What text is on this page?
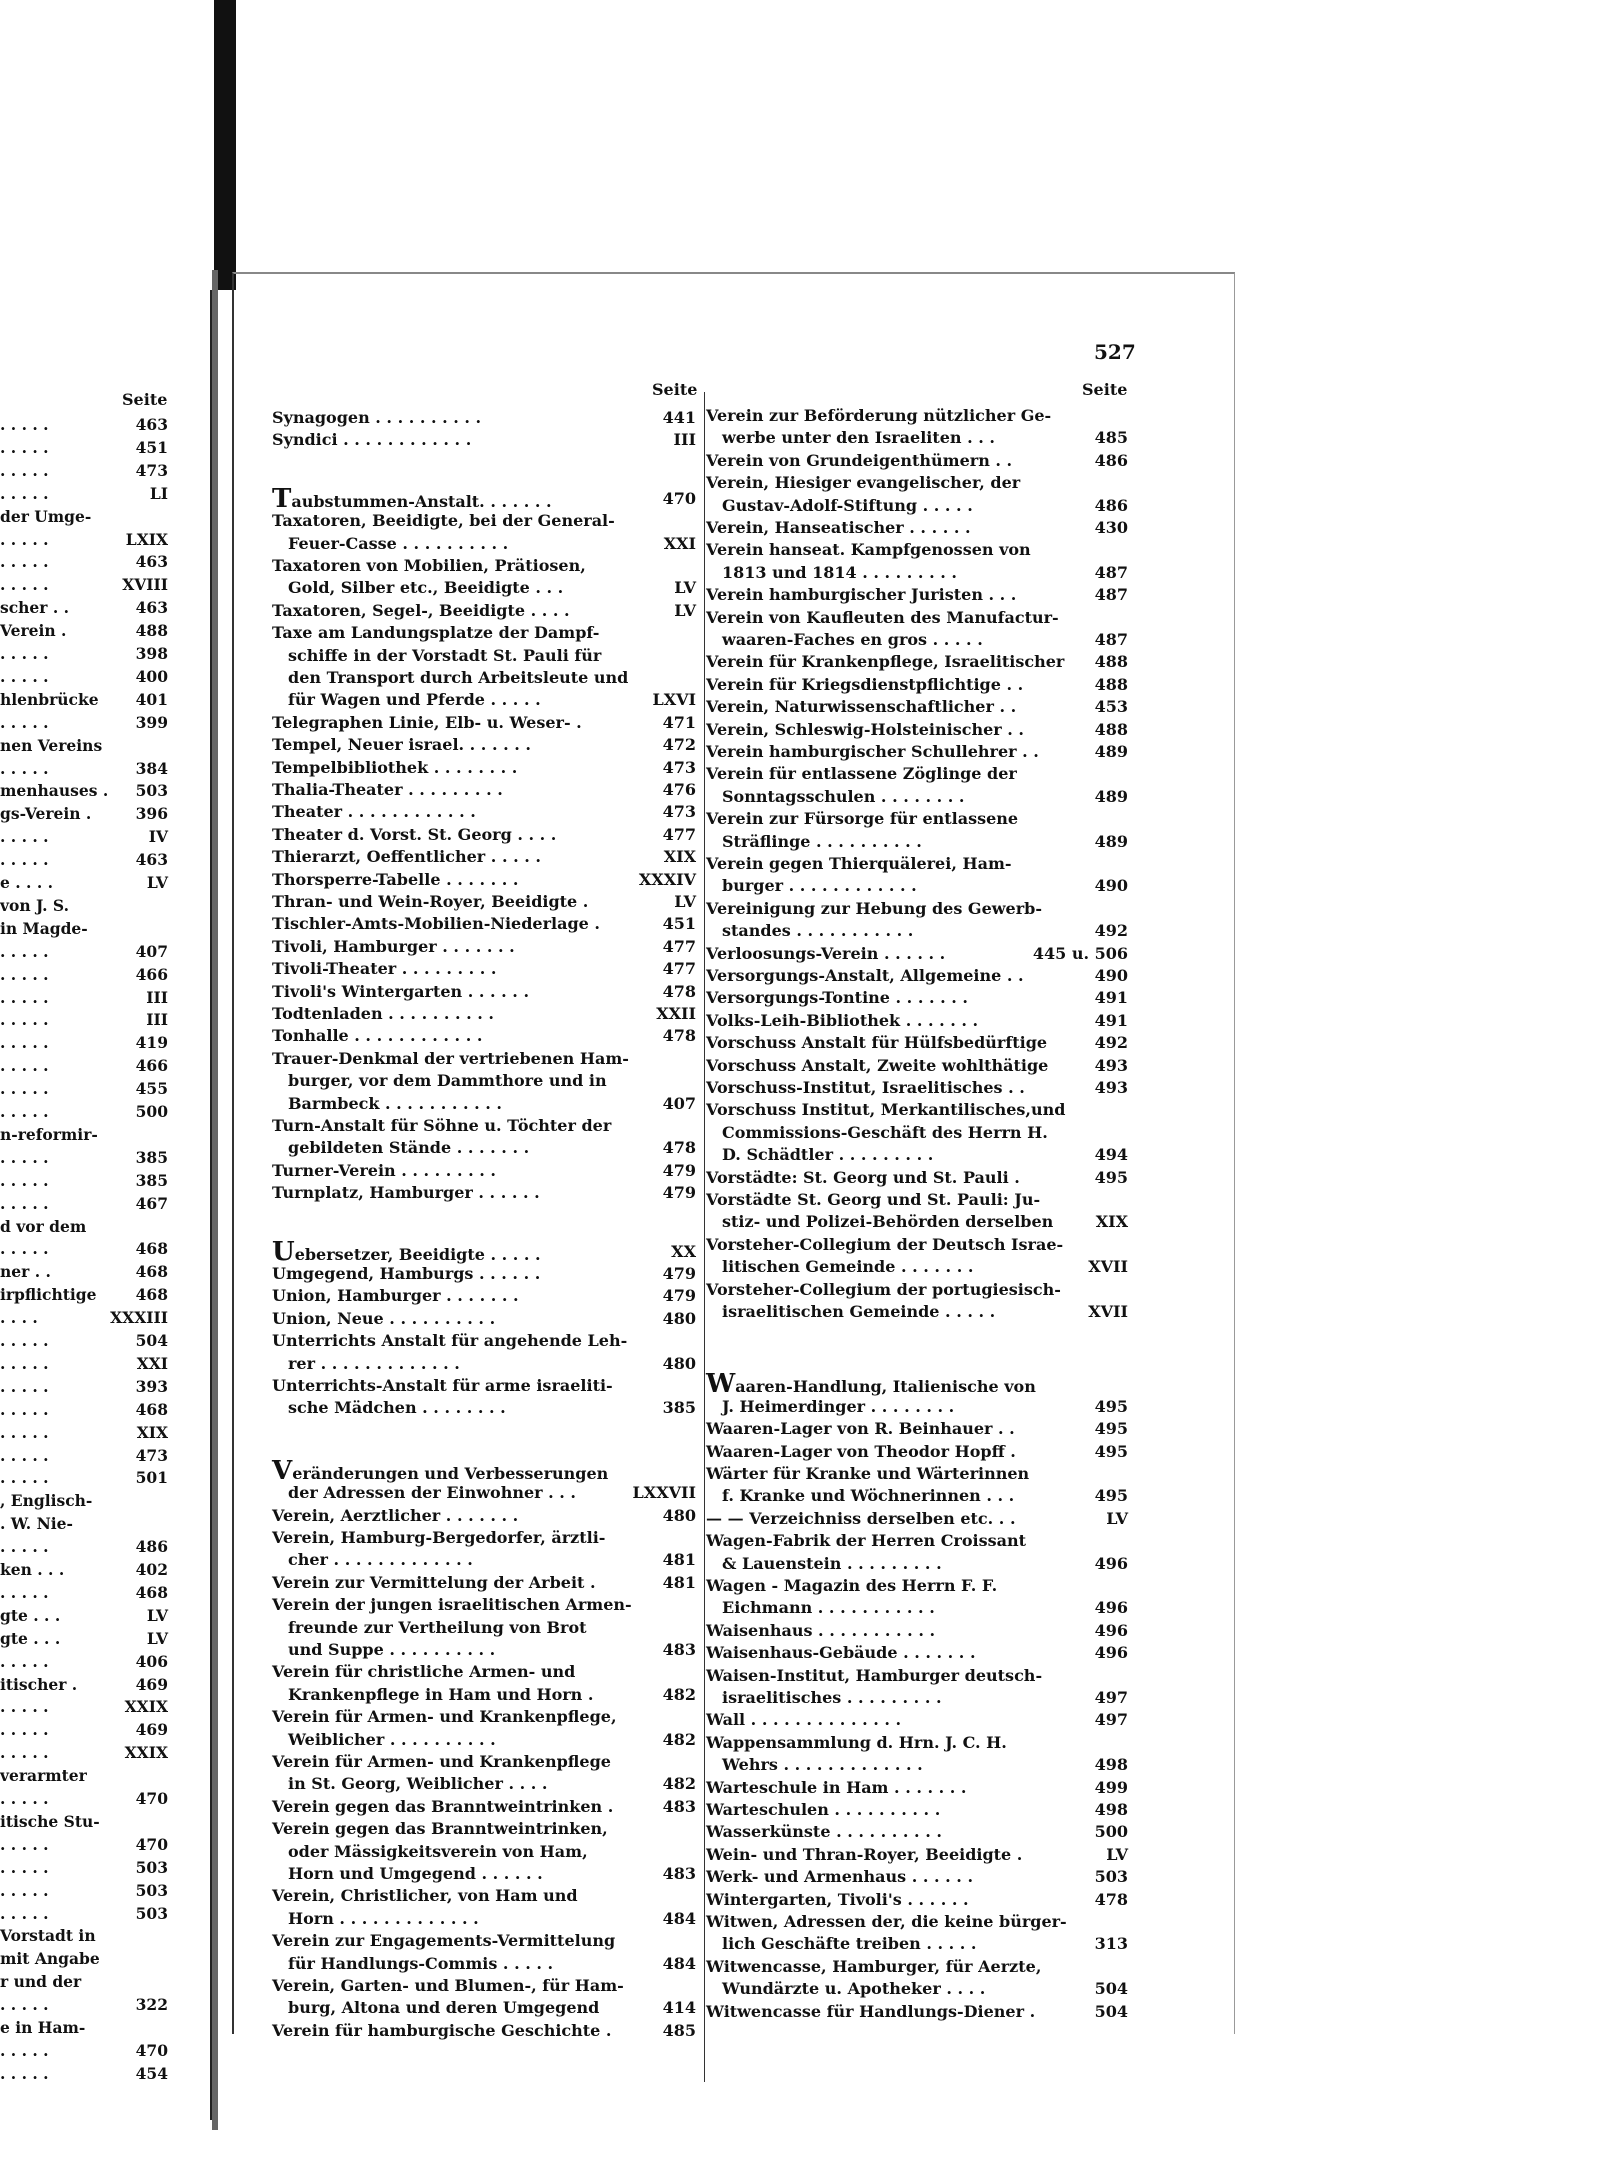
. . . . .	463
. . . . .	451
. . . . .	473
. . . . .	LI
der Umge-
. . . . .	LXIX
. . . . .	463
. . . . .	XVIII
scher . .	463
Verein .	488
. . . . .	398
. . . . .	400
hlenbrücke 401
. . . . .	399
nen Vereins
. . . . .	384
menhauses . 503
gs-Verein .	396
. . . . .	IV
. . . . .	463
e . . . .	LV
von J. S.
in Magde-
. . . . .	407
. . . . .	466
. . . . .	III
. . . . .	III
. . . . .	419
. . . . .	466
. . . . .	455
. . . . .	500
n-reformir-
. . . . .	385
. . . . .	385
. . . . .	467
d vor dem
. . . . .	468
ner . .	468
irpflichtige	468
. . . .	XXXIII
. . . . .	504
. . . . .	XXI
. . . . .	393
. . . . .	468
. . . . .	XIX
. . . . .	473
. . . . .	501
, Englisch-
. W. Nie-
. . . . .	486
ken . . .	402
. . . . .	468
gte . . .	LV
gte . . .	LV
. . . . .	406
itischer .	469
. . . . .	XXIX
. . . . .	469
. . . . .	XXIX
verarmter
. . . . .	470
itische Stu-
. . . . .	470
. . . . .	503
. . . . .	503
. . . . .	503
Vorstadt in
mit Angabe
r und der
. . . . .	322
e in Ham-
. . . . .	470
. . . . .	454
527
Seite	Seite
Seite
Synagogen . . . . . . . . . .	441
Syndici . . . . . . . . . . . .	III
Taubstummen-Anstalt. . . . . . .	470
Taxatoren, Beeidigte, bei der General-
Feuer-Casse . . . . . . . . . .	XXI
Taxatoren von Mobilien, Prätiosen,
Gold, Silber etc., Beeidigte . . .	LV
Taxatoren, Segel-, Beeidigte . . . .	LV
Taxe am Landungsplatze der Dampf-
schiffe in der Vorstadt St. Pauli für
den Transport durch Arbeitsleute und
für Wagen und Pferde . . . . .	LXVI
Telegraphen Linie, Elb- u. Weser- .	471
Tempel, Neuer israel. . . . . . .	472
Tempelbibliothek . . . . . . . .	473
Thalia-Theater . . . . . . . . .	476
Theater . . . . . . . . . . . .	473
Theater d. Vorst. St. Georg . . . .	477
Thierarzt, Oeffentlicher . . . . .	XIX
Thorsperre-Tabelle . . . . . . .	XXXIV
Thran- und Wein-Royer, Beeidigte .	LV
Tischler-Amts-Mobilien-Niederlage .	451
Tivoli, Hamburger . . . . . . .	477
Tivoli-Theater . . . . . . . . .	477
Tivoli's Wintergarten . . . . . .	478
Todtenladen . . . . . . . . . .	XXII
Tonhalle . . . . . . . . . . . .	478
Trauer-Denkmal der vertriebenen Ham-
burger, vor dem Dammthore und in
Barmbeck . . . . . . . . . . .	407
Turn-Anstalt für Söhne u. Töchter der
gebildeten Stände . . . . . . .	478
Turner-Verein . . . . . . . . .	479
Turnplatz, Hamburger . . . . . .	479
Uebersetzer, Beeidigte . . . . .	XX
Umgegend, Hamburgs . . . . . .	479
Union, Hamburger . . . . . . .	479
Union, Neue . . . . . . . . . .	480
Unterrichts Anstalt für angehende Leh-
rer . . . . . . . . . . . . .	480
Unterrichts-Anstalt für arme israeliti-
sche Mädchen . . . . . . . .	385
Veränderungen und Verbesserungen
der Adressen der Einwohner . . .	LXXVII
Verein, Aerztlicher . . . . . . .	480
Verein, Hamburg-Bergedorfer, ärztli-
cher . . . . . . . . . . . . .	481
Verein zur Vermittelung der Arbeit .	481
Verein der jungen israelitischen Armen-
freunde zur Vertheilung von Brot
und Suppe . . . . . . . . . .	483
Verein für christliche Armen- und
Krankenpflege in Ham und Horn .	482
Verein für Armen- und Krankenpflege,
Weiblicher . . . . . . . . . .	482
Verein für Armen- und Krankenpflege
in St. Georg, Weiblicher . . . .	482
Verein gegen das Branntweintrinken .	483
Verein gegen das Branntweintrinken,
oder Mässigkeitsverein von Ham,
Horn und Umgegend . . . . . .	483
Verein, Christlicher, von Ham und
Horn . . . . . . . . . . . . .	484
Verein zur Engagements-Vermittelung
für Handlungs-Commis . . . . .	484
Verein, Garten- und Blumen-, für Ham-
burg, Altona und deren Umgegend	414
Verein für hamburgische Geschichte .	485
Verein zur Beförderung nützlicher Ge-
werbe unter den Israeliten . . .	485
Verein von Grundeigenthümern . .	486
Verein, Hiesiger evangelischer, der
Gustav-Adolf-Stiftung . . . . .	486
Verein, Hanseatischer . . . . . .	430
Verein hanseat. Kampfgenossen von
1813 und 1814 . . . . . . . . .	487
Verein hamburgischer Juristen . . .	487
Verein von Kaufleuten des Manufactur-
waaren-Faches en gros . . . . .	487
Verein für Krankenpflege, Israelitischer 488
Verein für Kriegsdienstpflichtige . .	488
Verein, Naturwissenschaftlicher . .	453
Verein, Schleswig-Holsteinischer . .	488
Verein hamburgischer Schullehrer . .	489
Verein für entlassene Zöglinge der
Sonntagsschulen . . . . . . . .	489
Verein zur Fürsorge für entlassene
Sträflinge . . . . . . . . . .	489
Verein gegen Thierquälerei, Ham-
burger . . . . . . . . . . . .	490
Vereinigung zur Hebung des Gewerb-
standes . . . . . . . . . . .	492
Verloosungs-Verein . . . . . .	445 u. 506
Versorgungs-Anstalt, Allgemeine . .	490
Versorgungs-Tontine . . . . . . .	491
Volks-Leih-Bibliothek . . . . . . .	491
Vorschuss Anstalt für Hülfsbedürftige	492
Vorschuss Anstalt, Zweite wohlthätige	493
Vorschuss-Institut, Israelitisches . .	493
Vorschuss Institut, Merkantilisches,und
Commissions-Geschäft des Herrn H.
D. Schädtler . . . . . . . . .	494
Vorstädte: St. Georg und St. Pauli .	495
Vorstädte St. Georg und St. Pauli: Ju-
stiz- und Polizei-Behörden derselben	XIX
Vorsteher-Collegium der Deutsch Israe-
litischen Gemeinde . . . . . . .	XVII
Vorsteher-Collegium der portugiesisch-
israelitischen Gemeinde . . . . .	XVII
Waaren-Handlung, Italienische von
J. Heimerdinger . . . . . . . .	495
Waaren-Lager von R. Beinhauer . .	495
Waaren-Lager von Theodor Hopff .	495
Wärter für Kranke und Wärterinnen
f. Kranke und Wöchnerinnen . . .	495
— — Verzeichniss derselben etc. . .	LV
Wagen-Fabrik der Herren Croissant
& Lauenstein . . . . . . . . .	496
Wagen - Magazin des Herrn F. F.
Eichmann . . . . . . . . . . .	496
Waisenhaus . . . . . . . . . . .	496
Waisenhaus-Gebäude . . . . . . .	496
Waisen-Institut, Hamburger deutsch-
israelitisches . . . . . . . . .	497
Wall . . . . . . . . . . . . . .	497
Wappensammlung d. Hrn. J. C. H.
Wehrs . . . . . . . . . . . . .	498
Warteschule in Ham . . . . . . .	499
Warteschulen . . . . . . . . . .	498
Wasserkünste . . . . . . . . . .	500
Wein- und Thran-Royer, Beeidigte .	LV
Werk- und Armenhaus . . . . . .	503
Wintergarten, Tivoli's . . . . . .	478
Witwen, Adressen der, die keine bürger-
lich Geschäfte treiben . . . . .	313
Witwencasse, Hamburger, für Aerzte,
Wundärzte u. Apotheker . . . .	504
Witwencasse für Handlungs-Diener .	504
